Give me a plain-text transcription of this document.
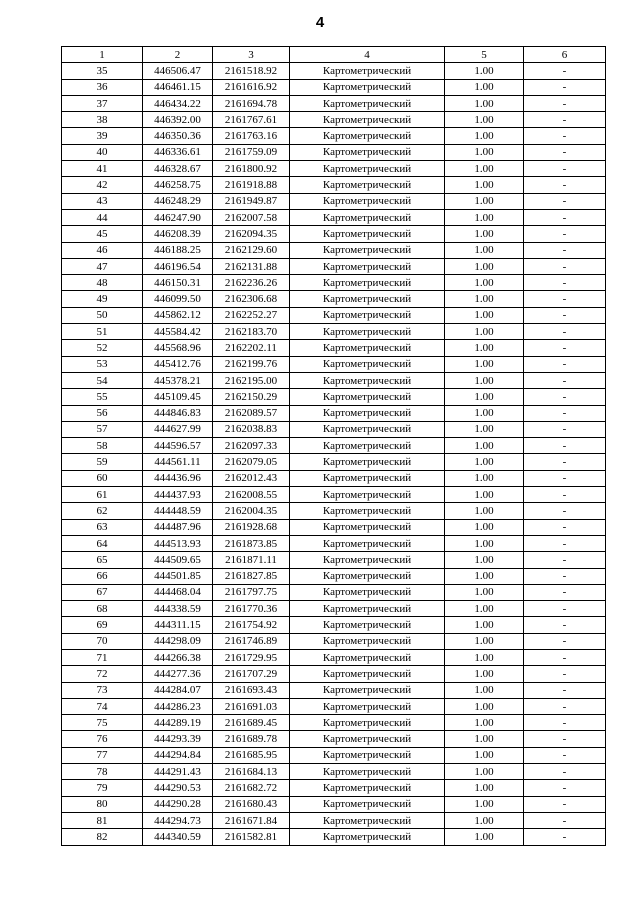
4
1	2	3	4	5	6
35	446506.47	2161518.92	Картометрический	1.00	-
36	446461.15	2161616.92	Картометрический	1.00	-
37	446434.22	2161694.78	Картометрический	1.00	-
38	446392.00	2161767.61	Картометрический	1.00	-
39	446350.36	2161763.16	Картометрический	1.00	-
40	446336.61	2161759.09	Картометрический	1.00	-
41	446328.67	2161800.92	Картометрический	1.00	-
42	446258.75	2161918.88	Картометрический	1.00	-
43	446248.29	2161949.87	Картометрический	1.00	-
44	446247.90	2162007.58	Картометрический	1.00	-
45	446208.39	2162094.35	Картометрический	1.00	-
46	446188.25	2162129.60	Картометрический	1.00	-
47	446196.54	2162131.88	Картометрический	1.00	-
48	446150.31	2162236.26	Картометрический	1.00	-
49	446099.50	2162306.68	Картометрический	1.00	-
50	445862.12	2162252.27	Картометрический	1.00	-
51	445584.42	2162183.70	Картометрический	1.00	-
52	445568.96	2162202.11	Картометрический	1.00	-
53	445412.76	2162199.76	Картометрический	1.00	-
54	445378.21	2162195.00	Картометрический	1.00	-
55	445109.45	2162150.29	Картометрический	1.00	-
56	444846.83	2162089.57	Картометрический	1.00	-
57	444627.99	2162038.83	Картометрический	1.00	-
58	444596.57	2162097.33	Картометрический	1.00	-
59	444561.11	2162079.05	Картометрический	1.00	-
60	444436.96	2162012.43	Картометрический	1.00	-
61	444437.93	2162008.55	Картометрический	1.00	-
62	444448.59	2162004.35	Картометрический	1.00	-
63	444487.96	2161928.68	Картометрический	1.00	-
64	444513.93	2161873.85	Картометрический	1.00	-
65	444509.65	2161871.11	Картометрический	1.00	-
66	444501.85	2161827.85	Картометрический	1.00	-
67	444468.04	2161797.75	Картометрический	1.00	-
68	444338.59	2161770.36	Картометрический	1.00	-
69	444311.15	2161754.92	Картометрический	1.00	-
70	444298.09	2161746.89	Картометрический	1.00	-
71	444266.38	2161729.95	Картометрический	1.00	-
72	444277.36	2161707.29	Картометрический	1.00	-
73	444284.07	2161693.43	Картометрический	1.00	-
74	444286.23	2161691.03	Картометрический	1.00	-
75	444289.19	2161689.45	Картометрический	1.00	-
76	444293.39	2161689.78	Картометрический	1.00	-
77	444294.84	2161685.95	Картометрический	1.00	-
78	444291.43	2161684.13	Картометрический	1.00	-
79	444290.53	2161682.72	Картометрический	1.00	-
80	444290.28	2161680.43	Картометрический	1.00	-
81	444294.73	2161671.84	Картометрический	1.00	-
82	444340.59	2161582.81	Картометрический	1.00	-
